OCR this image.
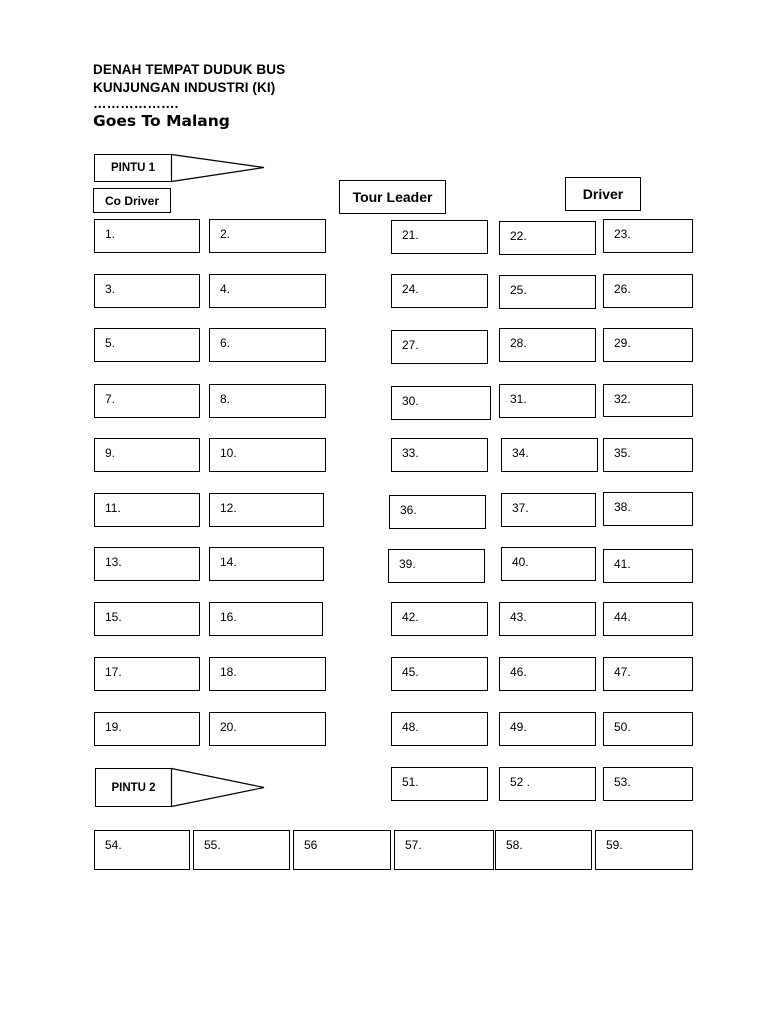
DENAH TEMPAT DUDUK BUS
KUNJUNGAN INDUSTRI (KI)
……………….
Goes To Malang
PINTU 1
Co Driver	Tour Leader	Driver
PINTU 2
1.	2.
3.	4.
5.	6.
7.	8.
9.	10.
11.	12.
13.	14.
15.	16.
17.	18.
19.	20.
21.	22.	23.
24.	25.	26.
27.	28.	29.
30.	31.	32.
33.	34.	35.
36.	37.	38.
39.	40.	41.
42.	43.	44.
45.	46.	47.
48.	49.	50.
51.	52 .	53.
54.	55.	56	57.	58.	59.
